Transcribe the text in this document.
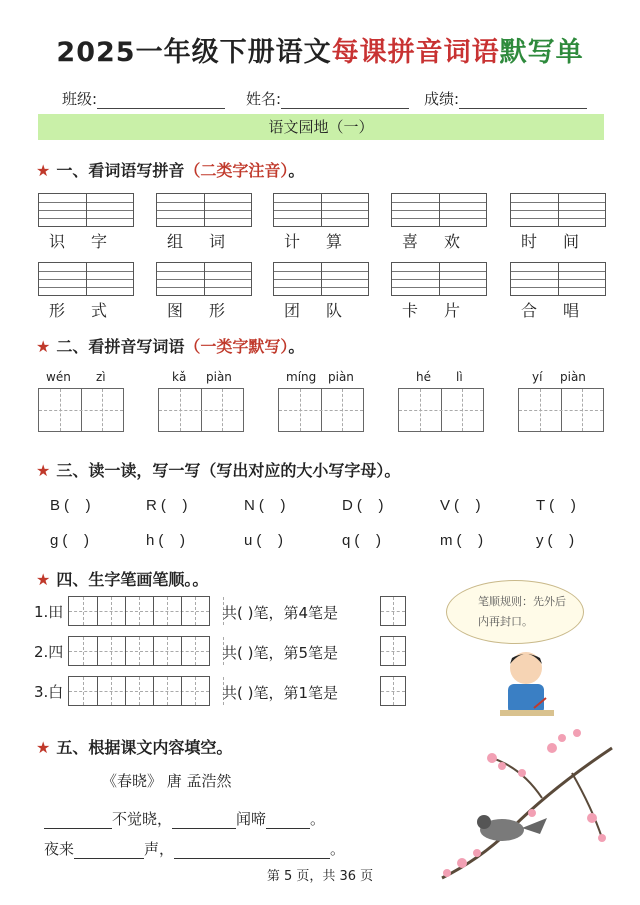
2025一年级下册语文每课拼音词语默写单
班级:	姓名:	成绩:
语文园地（一）
★ 一、看词语写拼音（二类字注音）。
识字	组词	计算	喜欢	时间
形式	图形	团队	卡片	合唱
★ 二、看拼音写词语（一类字默写）。
wén zì	kǎ piàn	míng piàn	hé lì	yí piàn
★ 三、读一读，写一写（写出对应的大小写字母）。
B (    )	R (    )	N (    )	D (    )	V (    )	T (    )
g (    )	h (    )	u (    )	q (    )	m (    )	y (    )
★ 四、生字笔画笔顺。。
1.田	共( )笔，第4笔是
2.四	共( )笔，第5笔是
3.白	共( )笔，第1笔是
笔顺规则：先外后内再封口。
★ 五、根据课文内容填空。
《春晓》 唐 孟浩然
不觉晓，	闻啼	。
夜来	声，	。
第 5 页，共 36 页
